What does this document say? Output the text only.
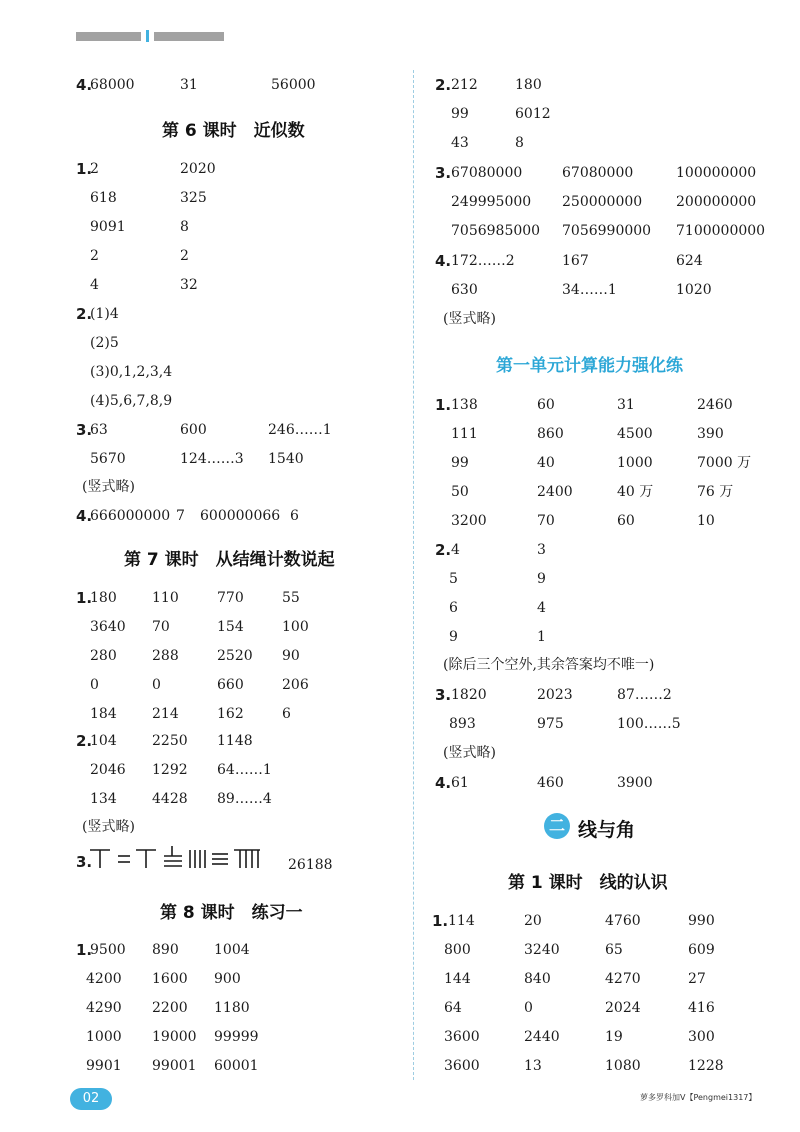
4.
68000	31	56000
第 6 课时　近似数
1.
2	2020
618	325
9091	8
2	2
4	32
2.
(1)4
(2)5
(3)0,1,2,3,4
(4)5,6,7,8,9
3.
63	600	246……1
5670	124……3 1540
(竖式略)
4.
666000000 7 600000066 6
第 7 课时　从结绳计数说起
1.
180	110	770	55
3640 70	154	100
280	288	2520 90
0	0	660	206
184	214	162	6
2.
104	2250 1148
2046 1292 64……1
134	4428 89……4
(竖式略)
3.	26188
第 8 课时　练习一
1.
9500 890	1004
4200 1600 900
4290 2200 1180
1000 19000 99999
9901 99001 60001
02
2. 212	180
99	6012
43	8
3. 67080000	67080000	100000000
249995000 250000000 200000000
7056985000 7056990000 7100000000
4. 172……2	167	624
630	34……1	1020
(竖式略)
第一单元计算能力强化练
1. 138	60	31	2460
111	860	4500	390
99	40	1000	7000 万
50	2400	40 万	76 万
3200	70	60	10
2. 4	3
5	9
6	4
9	1
(除后三个空外,其余答案均不唯一)
3. 1820	2023	87……2
893	975	100……5
(竖式略)
4. 61	460	3900
二 线与角
第 1 课时　线的认识
1. 114	20	4760	990
800	3240	65	609
144	840	4270	27
64	0	2024	416
3600	2440	19	300
3600	13	1080	1228
萝多罗科加V【Pengmei1317】
